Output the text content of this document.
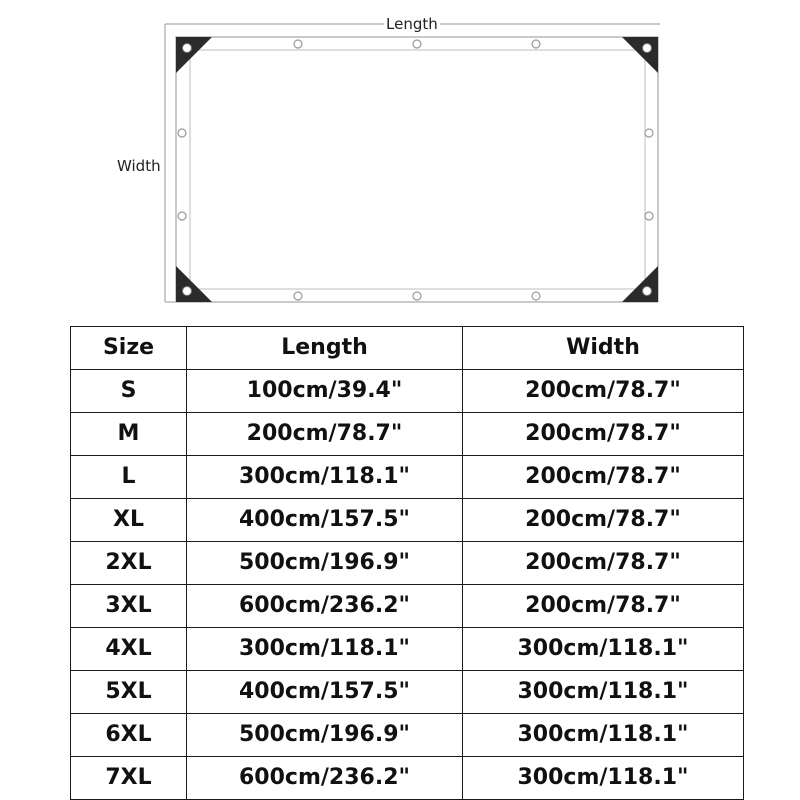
Length
Width
Size	Length	Width
S	100cm/39.4"	200cm/78.7"
M	200cm/78.7"	200cm/78.7"
L	300cm/118.1"	200cm/78.7"
XL	400cm/157.5"	200cm/78.7"
2XL	500cm/196.9"	200cm/78.7"
3XL	600cm/236.2"	200cm/78.7"
4XL	300cm/118.1"	300cm/118.1"
5XL	400cm/157.5"	300cm/118.1"
6XL	500cm/196.9"	300cm/118.1"
7XL	600cm/236.2"	300cm/118.1"
